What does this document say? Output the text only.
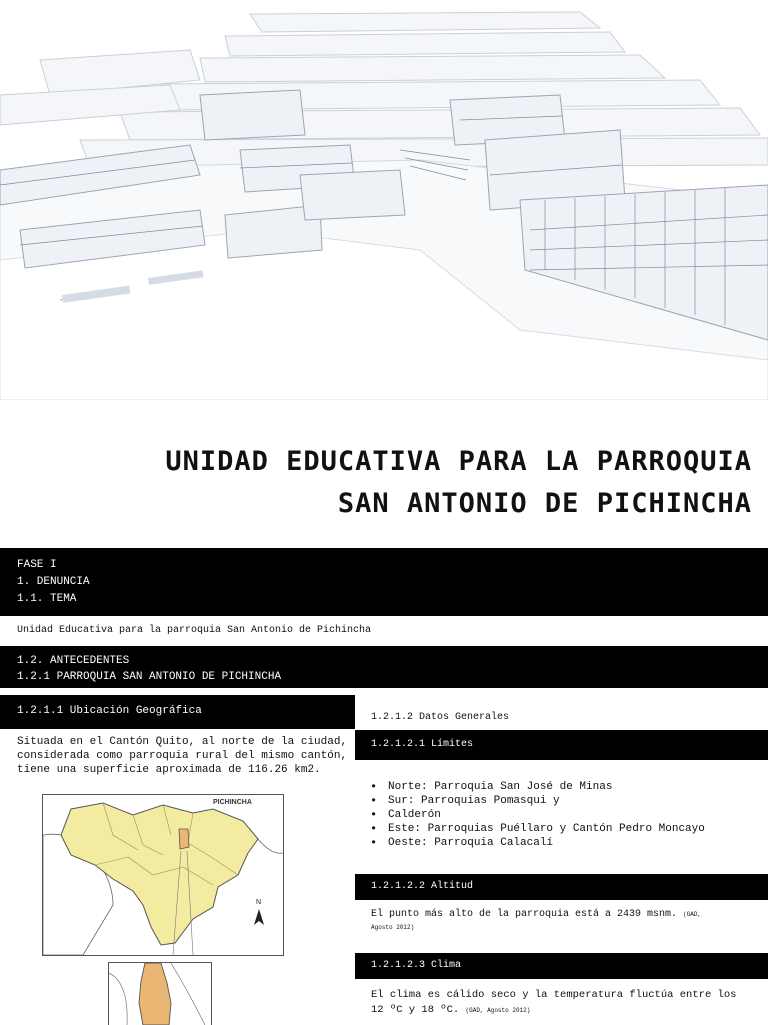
UNIDAD EDUCATIVA PARA LA PARROQUIA
SAN ANTONIO DE PICHINCHA
FASE I
1. DENUNCIA
1.1. TEMA
Unidad Educativa para la parroquia San Antonio de Pichincha
1.2. ANTECEDENTES
1.2.1 PARROQUIA SAN ANTONIO DE PICHINCHA
1.2.1.1 Ubicación Geográfica
Situada en el Cantón Quito, al norte de la ciudad,
considerada como parroquia rural del mismo cantón,
tiene una superficie aproximada de 116.26 km2.
PICHINCHA
N
1.2.1.2 Datos Generales
1.2.1.2.1 Límites
• Norte: Parroquia San José de Minas
• Sur: Parroquias Pomasqui y
• Calderón
• Este: Parroquias Puéllaro y Cantón Pedro Moncayo
• Oeste: Parroquia Calacalí
1.2.1.2.2 Altitud
El punto más alto de la parroquia está a 2439 msnm. (GAD,
Agosto 2012)
1.2.1.2.3 Clima
El clima es cálido seco y la temperatura fluctúa entre los
12 ºC y 18 ºC. (GAD, Agosto 2012)
